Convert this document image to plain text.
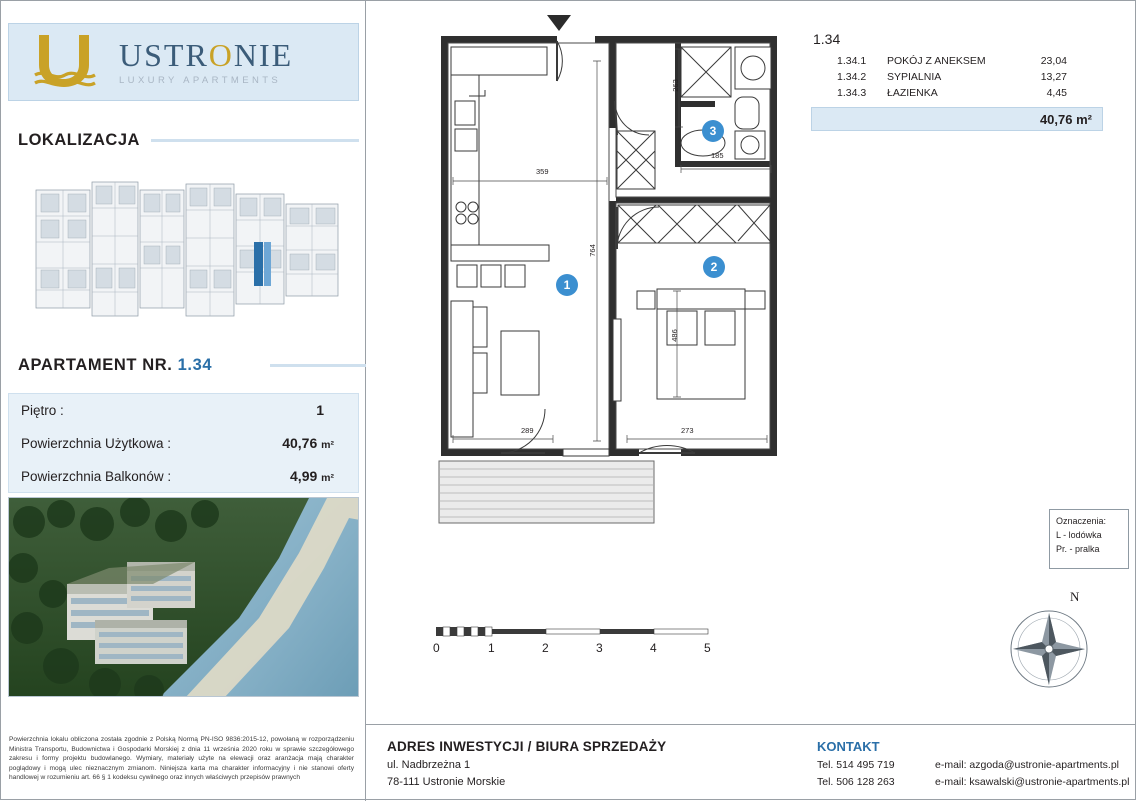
USTRONIE
LUXURY APARTMENTS
LOKALIZACJA
APARTAMENT NR. 1.34
Piętro :	1
Powierzchnia Użytkowa :	40,76 m²
Powierzchnia Balkonów :	4,99 m²
Powierzchnia lokalu obliczona została zgodnie z Polską Normą PN-ISO 9836:2015-12, powołaną w rozporządzeniu Ministra Transportu, Budownictwa i Gospodarki Morskiej z dnia 11 września 2020 roku w sprawie szczegółowego zakresu i formy projektu budowlanego. Wymiary, materiały użyte na elewacji oraz aranżacja mają charakter poglądowy i mogą ulec nieznacznym zmianom. Niniejsza karta ma charakter informacyjny i nie stanowi oferty handlowej w rozumieniu art. 66 § 1 kodeksu cywilnego oraz innych właściwych przepisów prawnych
1.34
1.34.1	POKÓJ Z ANEKSEM	23,04
1.34.2	SYPIALNIA	13,27
1.34.3	ŁAZIENKA	4,45
40,76 m²
Oznaczenia:
L - lodówka
Pr. - pralka
N
359
764
289	273
486
185
263
1
2
3
0	1	2	3	4	5
ADRES INWESTYCJI / BIURA SPRZEDAŻY
ul. Nadbrzeżna 1
78-111 Ustronie Morskie
KONTAKT
Tel. 514 495 719	e-mail: azgoda@ustronie-apartments.pl
Tel. 506 128 263	e-mail: ksawalski@ustronie-apartments.pl
